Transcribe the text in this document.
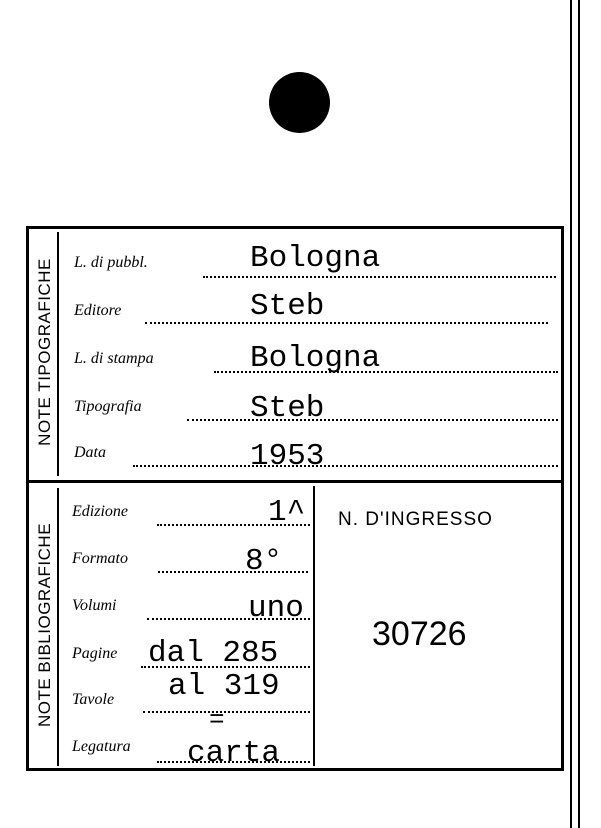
NOTE TIPOGRAFICHE
NOTE BIBLIOGRAFICHE
L. di pubbl.	Bologna
Editore	Steb
L. di stampa	Bologna
Tipografia	Steb
Data	1953
Edizione	1^
Formato	8°
Volumi	uno
Pagine dal 285
Tavole al 319
=
Legatura carta
N. D'INGRESSO
30726
